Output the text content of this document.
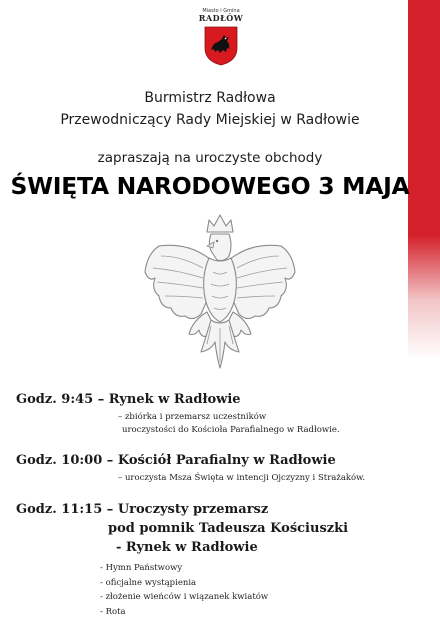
Miasto i Gmina
RADŁÓW
Burmistrz Radłowa
Przewodniczący Rady Miejskiej w Radłowie
zapraszają na uroczyste obchody
ŚWIĘTA NARODOWEGO 3 MAJA
Godz. 9:45 – Rynek w Radłowie
– zbiórka i przemarsz uczestników
uroczystości do Kościoła Parafialnego w Radłowie.
Godz. 10:00 – Kościół Parafialny w Radłowie
– uroczysta Msza Święta w intencji Ojczyzny i Strażaków.
Godz. 11:15 – Uroczysty przemarsz
pod pomnik Tadeusza Kościuszki
- Rynek w Radłowie
- Hymn Państwowy
- oficjalne wystąpienia
- złożenie wieńców i wiązanek kwiatów
- Rota
